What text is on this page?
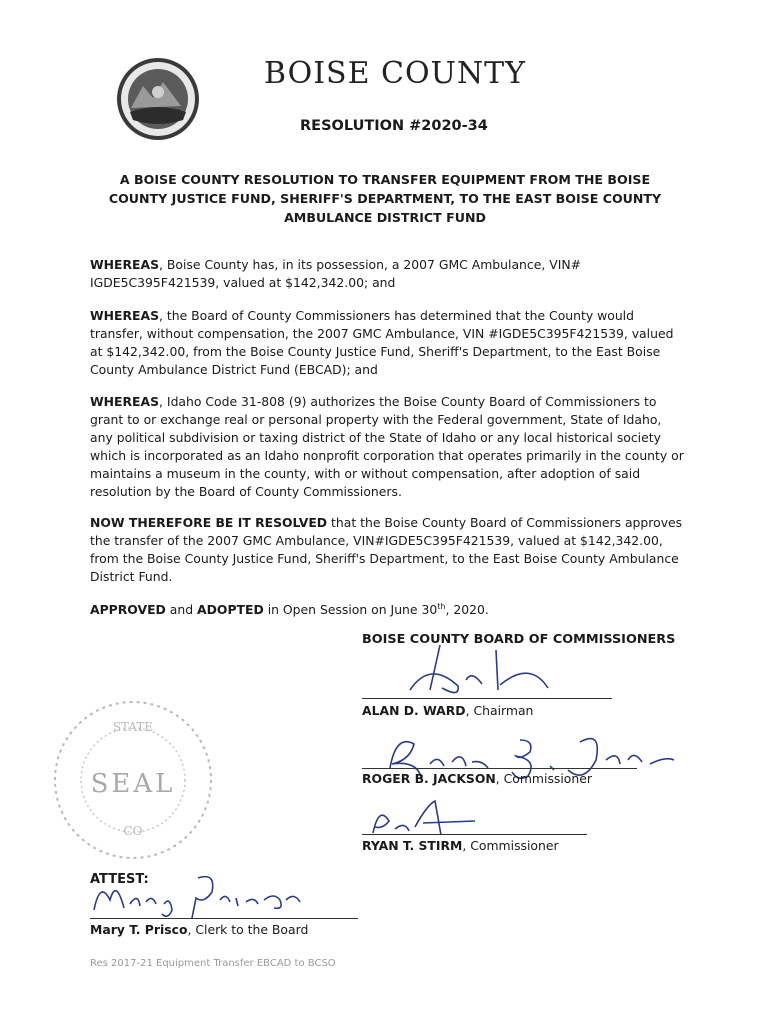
BOISE COUNTY
RESOLUTION #2020-34
A BOISE COUNTY RESOLUTION TO TRANSFER EQUIPMENT FROM THE BOISE COUNTY JUSTICE FUND, SHERIFF'S DEPARTMENT, TO THE EAST BOISE COUNTY AMBULANCE DISTRICT FUND
WHEREAS, Boise County has, in its possession, a 2007 GMC Ambulance, VIN# IGDE5C395F421539, valued at $142,342.00; and
WHEREAS, the Board of County Commissioners has determined that the County would transfer, without compensation, the 2007 GMC Ambulance, VIN #IGDE5C395F421539, valued at $142,342.00, from the Boise County Justice Fund, Sheriff's Department, to the East Boise County Ambulance District Fund (EBCAD); and
WHEREAS, Idaho Code 31-808 (9) authorizes the Boise County Board of Commissioners to grant to or exchange real or personal property with the Federal government, State of Idaho, any political subdivision or taxing district of the State of Idaho or any local historical society which is incorporated as an Idaho nonprofit corporation that operates primarily in the county or maintains a museum in the county, with or without compensation, after adoption of said resolution by the Board of County Commissioners.
NOW THEREFORE BE IT RESOLVED that the Boise County Board of Commissioners approves the transfer of the 2007 GMC Ambulance, VIN#IGDE5C395F421539, valued at $142,342.00, from the Boise County Justice Fund, Sheriff's Department, to the East Boise County Ambulance District Fund.
APPROVED and ADOPTED in Open Session on June 30th, 2020.
BOISE COUNTY BOARD OF COMMISSIONERS
ALAN D. WARD, Chairman
ROGER B. JACKSON, Commissioner
RYAN T. STIRM, Commissioner
STATE
SEAL
CO
ATTEST:
Mary T. Prisco, Clerk to the Board
Res 2017-21 Equipment Transfer EBCAD to BCSO
